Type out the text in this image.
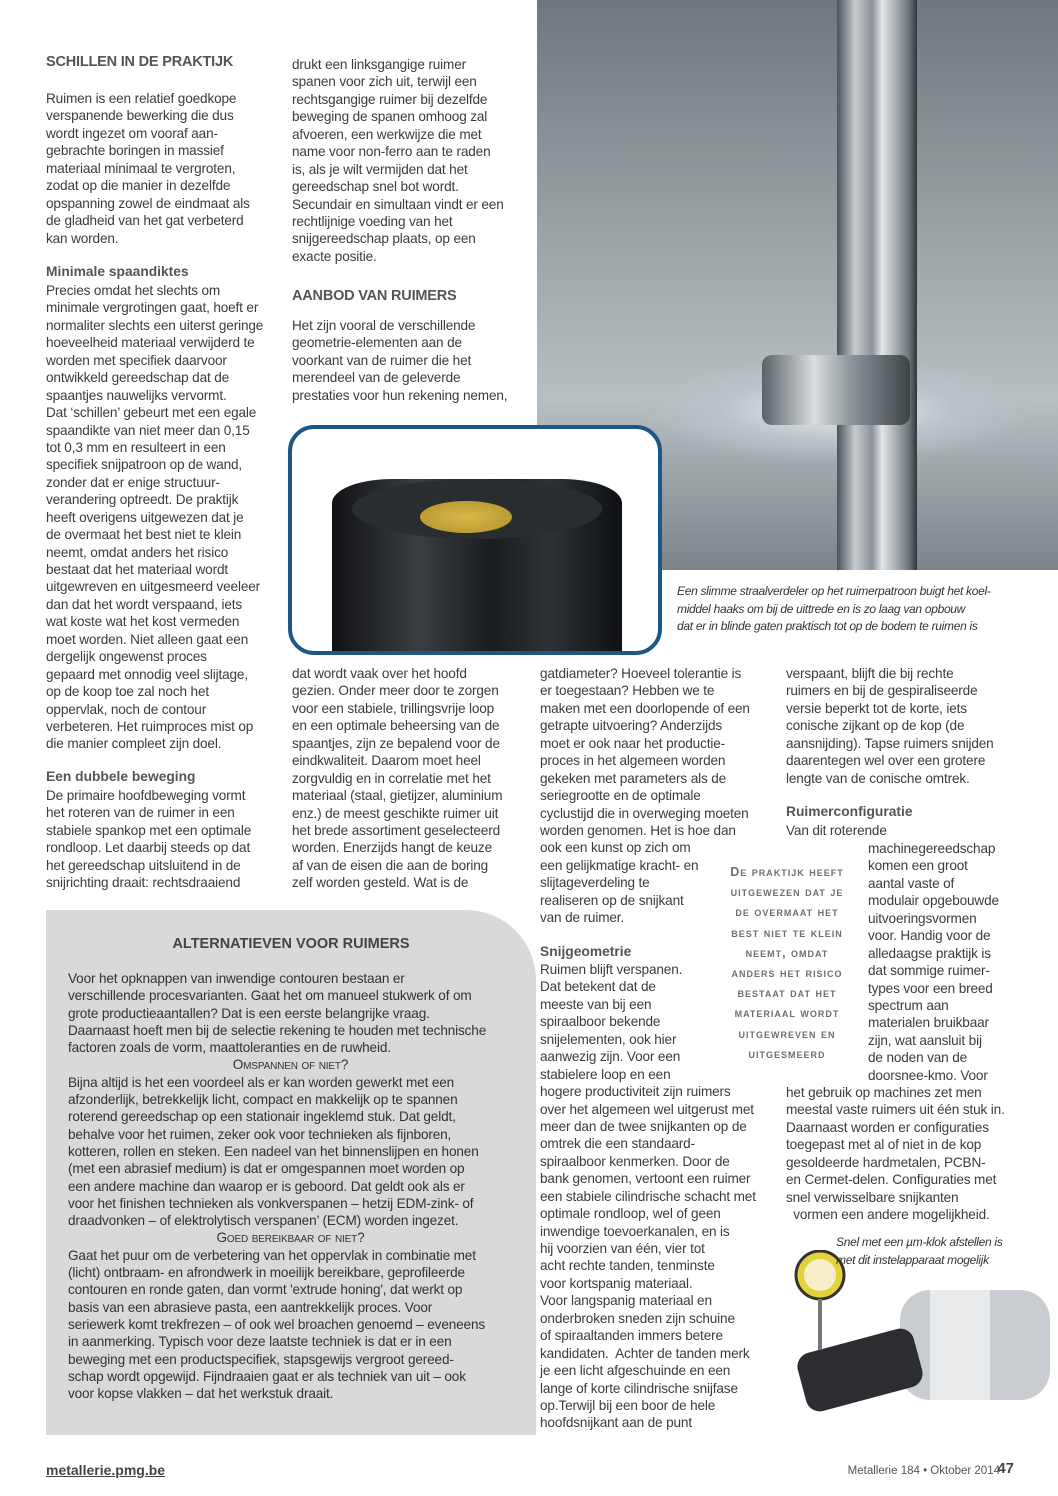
SCHILLEN IN DE PRAKTIJK
Ruimen is een relatief goedkope
verspanende bewerking die dus
wordt ingezet om vooraf aan-
gebrachte boringen in massief
materiaal minimaal te vergroten,
zodat op die manier in dezelfde
opspanning zowel de eindmaat als
de gladheid van het gat verbeterd
kan worden.
Minimale spaandiktes
Precies omdat het slechts om
minimale vergrotingen gaat, hoeft er
normaliter slechts een uiterst geringe
hoeveelheid materiaal verwijderd te
worden met specifiek daarvoor
ontwikkeld gereedschap dat de
spaantjes nauwelijks vervormt.
Dat ‘schillen’ gebeurt met een egale
spaandikte van niet meer dan 0,15
tot 0,3 mm en resulteert in een
specifiek snijpatroon op de wand,
zonder dat er enige structuur-
verandering optreedt. De praktijk
heeft overigens uitgewezen dat je
de overmaat het best niet te klein
neemt, omdat anders het risico
bestaat dat het materiaal wordt
uitgewreven en uitgesmeerd veeleer
dan dat het wordt verspaand, iets
wat koste wat het kost vermeden
moet worden. Niet alleen gaat een
dergelijk ongewenst proces
gepaard met onnodig veel slijtage,
op de koop toe zal noch het
oppervlak, noch de contour
verbeteren. Het ruimproces mist op
die manier compleet zijn doel.
Een dubbele beweging
De primaire hoofdbeweging vormt
het roteren van de ruimer in een
stabiele spankop met een optimale
rondloop. Let daarbij steeds op dat
het gereedschap uitsluitend in de
snijrichting draait: rechtsdraaiend
drukt een linksgangige ruimer
spanen voor zich uit, terwijl een
rechtsgangige ruimer bij dezelfde
beweging de spanen omhoog zal
afvoeren, een werkwijze die met
name voor non-ferro aan te raden
is, als je wilt vermijden dat het
gereedschap snel bot wordt.
Secundair en simultaan vindt er een
rechtlijnige voeding van het
snijgereedschap plaats, op een
exacte positie.
AANBOD VAN RUIMERS
Het zijn vooral de verschillende
geometrie-elementen aan de
voorkant van de ruimer die het
merendeel van de geleverde
prestaties voor hun rekening nemen,
dat wordt vaak over het hoofd
gezien. Onder meer door te zorgen
voor een stabiele, trillingsvrije loop
en een optimale beheersing van de
spaantjes, zijn ze bepalend voor de
eindkwaliteit. Daarom moet heel
zorgvuldig en in correlatie met het
materiaal (staal, gietijzer, aluminium
enz.) de meest geschikte ruimer uit
het brede assortiment geselecteerd
worden. Enerzijds hangt de keuze
af van de eisen die aan de boring
zelf worden gesteld. Wat is de
gatdiameter? Hoeveel tolerantie is
er toegestaan? Hebben we te
maken met een doorlopende of een
getrapte uitvoering? Anderzijds
moet er ook naar het productie-
proces in het algemeen worden
gekeken met parameters als de
seriegrootte en de optimale
cyclustijd die in overweging moeten
worden genomen. Het is hoe dan
ook een kunst op zich om
een gelijkmatige kracht- en
slijtageverdeling te
realiseren op de snijkant
van de ruimer.
Snijgeometrie
Ruimen blijft verspanen.
Dat betekent dat de
meeste van bij een
spiraalboor bekende
snijelementen, ook hier
aanwezig zijn. Voor een
stabielere loop en een
hogere productiviteit zijn ruimers
over het algemeen wel uitgerust met
meer dan de twee snijkanten op de
omtrek die een standaard-
spiraalboor kenmerken. Door de
bank genomen, vertoont een ruimer
een stabiele cilindrische schacht met
optimale rondloop, wel of geen
inwendige toevoerkanalen, en is
hij voorzien van één, vier tot
acht rechte tanden, tenminste
voor kortspanig materiaal.
Voor langspanig materiaal en
onderbroken sneden zijn schuine
of spiraaltanden immers betere
kandidaten.  Achter de tanden merk
je een licht afgeschuinde en een
lange of korte cilindrische snijfase
op.Terwijl bij een boor de hele
hoofdsnijkant aan de punt
verspaant, blijft die bij rechte
ruimers en bij de gespiraliseerde
versie beperkt tot de korte, iets
conische zijkant op de kop (de
aansnijding). Tapse ruimers snijden
daarentegen wel over een grotere
lengte van de conische omtrek.
Ruimerconfiguratie
Van dit roterende
machinegereedschap
komen een groot
aantal vaste of
modulair opgebouwde
uitvoeringsvormen
voor. Handig voor de
alledaagse praktijk is
dat sommige ruimer-
types voor een breed
spectrum aan
materialen bruikbaar
zijn, wat aansluit bij
de noden van de
doorsnee-kmo. Voor
het gebruik op machines zet men
meestal vaste ruimers uit één stuk in.
Daarnaast worden er configuraties
toegepast met al of niet in de kop
gesoldeerde hardmetalen, PCBN-
en Cermet-delen. Configuraties met
snel verwisselbare snijkanten
vormen een andere mogelijkheid.
De praktijk heeft
uitgewezen dat je
de overmaat het
best niet te klein
neemt, omdat
anders het risico
bestaat dat het
materiaal wordt
uitgewreven en
uitgesmeerd
Een slimme straalverdeler op het ruimerpatroon buigt het koel-
middel haaks om bij de uittrede en is zo laag van opbouw
dat er in blinde gaten praktisch tot op de bodem te ruimen is
Snel met een µm-klok afstellen is
met dit instelapparaat mogelijk
ALTERNATIEVEN VOOR RUIMERS
Voor het opknappen van inwendige contouren bestaan er
verschillende procesvarianten. Gaat het om manueel stukwerk of om
grote productieaantallen? Dat is een eerste belangrijke vraag.
Daarnaast hoeft men bij de selectie rekening te houden met technische
factoren zoals de vorm, maattoleranties en de ruwheid.
Omspannen of niet?
Bijna altijd is het een voordeel als er kan worden gewerkt met een
afzonderlijk, betrekkelijk licht, compact en makkelijk op te spannen
roterend gereedschap op een stationair ingeklemd stuk. Dat geldt,
behalve voor het ruimen, zeker ook voor technieken als fijnboren,
kotteren, rollen en steken. Een nadeel van het binnenslijpen en honen
(met een abrasief medium) is dat er omgespannen moet worden op
een andere machine dan waarop er is geboord. Dat geldt ook als er
voor het finishen technieken als vonkverspanen – hetzij EDM-zink- of
draadvonken – of elektrolytisch verspanen’ (ECM) worden ingezet.
Goed bereikbaar of niet?
Gaat het puur om de verbetering van het oppervlak in combinatie met
(licht) ontbraam- en afrondwerk in moeilijk bereikbare, geprofileerde
contouren en ronde gaten, dan vormt 'extrude honing', dat werkt op
basis van een abrasieve pasta, een aantrekkelijk proces. Voor
seriewerk komt trekfrezen – of ook wel broachen genoemd – eveneens
in aanmerking. Typisch voor deze laatste techniek is dat er in een
beweging met een productspecifiek, stapsgewijs vergroot gereed-
schap wordt opgewijd. Fijndraaien gaat er als techniek van uit – ook
voor kopse vlakken – dat het werkstuk draait.
metallerie.pmg.be	Metallerie 184 • Oktober 2014
47
